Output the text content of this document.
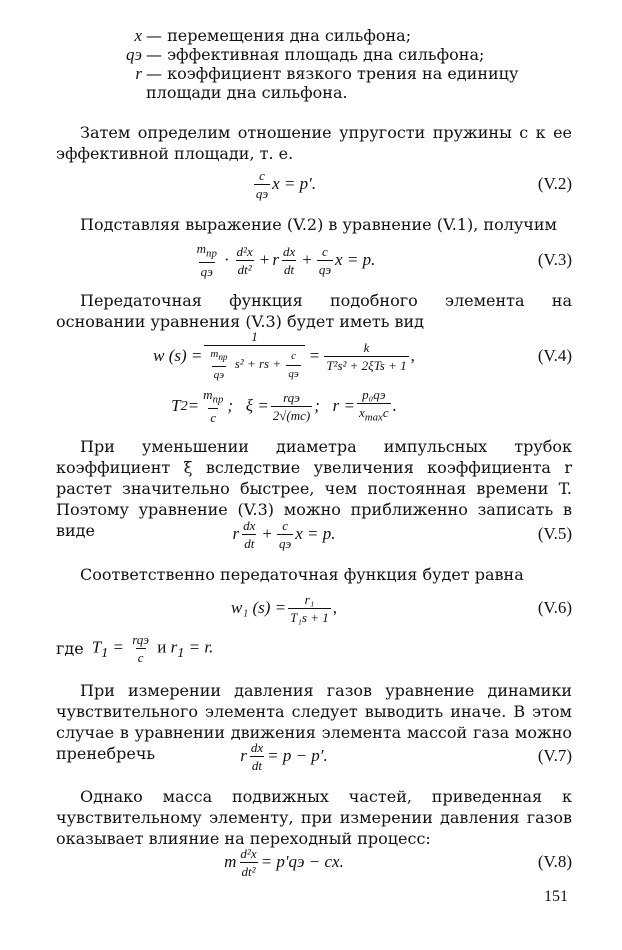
x — перемещения дна сильфона;
qэ — эффективная площадь дна сильфона;
r — коэффициент вязкого трения на единицу площади дна сильфона.
Затем определим отношение упругости пружины c к ее эффективной площади, т. е.
$\frac{c}{qэ}$ x = p′.	(V.2)
Подставляя выражение (V.2) в уравнение (V.1), получим
$\frac{m_{пр}}{qэ} \cdot \frac{\text{d²x}}{\text{dt²}} + r \frac{dx}{dt} + \frac{c}{qэ}$ x = p.	(V.3)
Передаточная функция подобного элемента на основании уравнения (V.3) будет иметь вид
w $(s) = \frac{1}{\frac{m_{пр}}{qэ} s^2 + rs + \frac{c}{qэ}} = \frac{k}{\text{T²s² + 2ξTs + 1}}$ ,	(V.4)
T $2 = \frac{m_{пр}}{c}$ ;   $\xi = \frac{\text{rqэ}}{2√(mc)}$ ;   $r = \frac{\text{p₀qэ}}{x_{max}c}$ .
При уменьшении диаметра импульсных трубок коэффициент ξ вследствие увеличения коэффициента r растет значительно быстрее, чем постоянная времени T. Поэтому уравнение (V.3) можно приближенно записать в виде	r $\frac{dx}{dt} + \frac{c}{qэ}$ x = p.	(V.5)
Соответственно передаточная функция будет равна
w₁ $(s) = \frac{\text{r₁}}{\text{T₁s + 1}}$ ,	(V.6)
где $T_1 = \frac{\text{rqэ}}{c}$ и $r_1 = r$.
При измерении давления газов уравнение динамики чувствительного элемента следует выводить иначе. В этом случае в уравнении движения элемента массой газа можно пренебречь	r $\frac{dx}{dt} = p - p'$.	(V.7)
Однако масса подвижных частей, приведенная к чувствительному элементу, при измерении давления газов оказывает влияние на переходный процесс:
m $\frac{\text{d²x}}{\text{dt²}} = p'qэ$ − cx.	(V.8)
151
